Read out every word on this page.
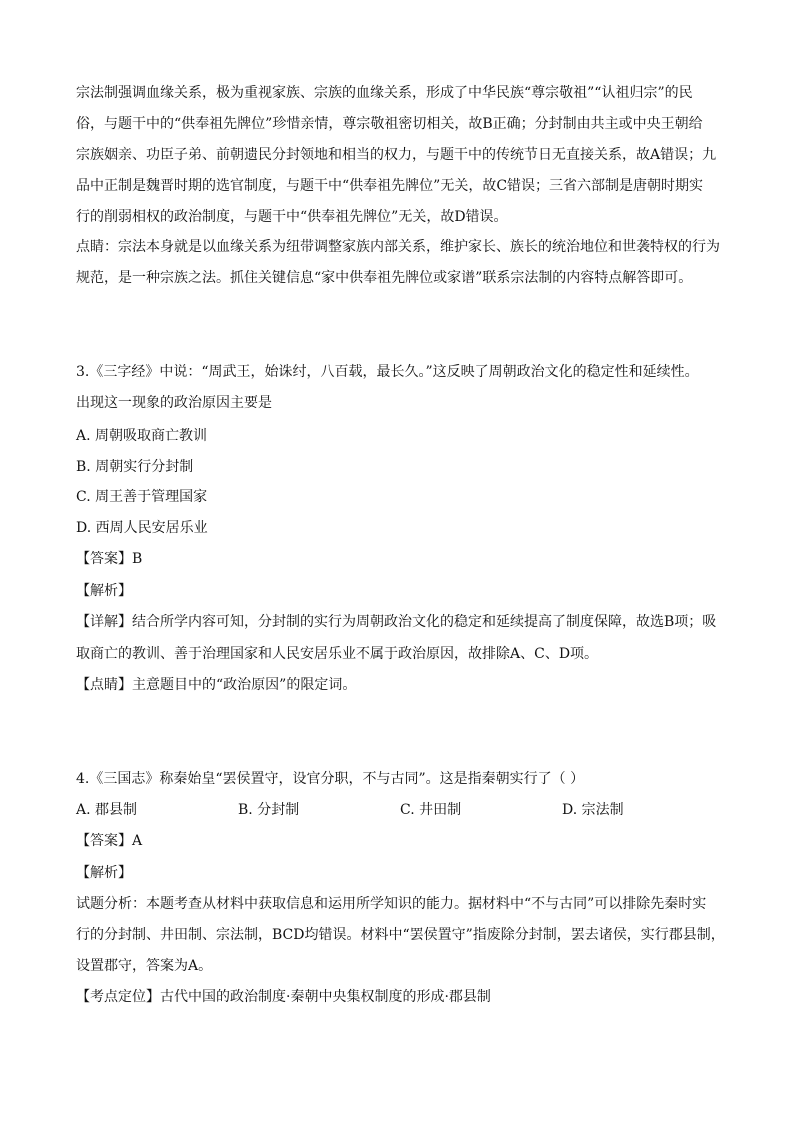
宗法制强调血缘关系，极为重视家族、宗族的血缘关系，形成了中华民族“尊宗敬祖”“认祖归宗”的民
俗，与题干中的“供奉祖先牌位”珍惜亲情，尊宗敬祖密切相关，故B正确；分封制由共主或中央王朝给
宗族姻亲、功臣子弟、前朝遗民分封领地和相当的权力，与题干中的传统节日无直接关系，故A错误；九
品中正制是魏晋时期的选官制度，与题干中“供奉祖先牌位”无关，故C错误；三省六部制是唐朝时期实
行的削弱相权的政治制度，与题干中“供奉祖先牌位”无关，故D错误。
点睛：宗法本身就是以血缘关系为纽带调整家族内部关系，维护家长、族长的统治地位和世袭特权的行为
规范，是一种宗族之法。抓住关键信息“家中供奉祖先牌位或家谱”联系宗法制的内容特点解答即可。
3.《三字经》中说：“周武王，始诛纣，八百载，最长久。”这反映了周朝政治文化的稳定性和延续性。
出现这一现象的政治原因主要是
A. 周朝吸取商亡教训
B. 周朝实行分封制
C. 周王善于管理国家
D. 西周人民安居乐业
【答案】B
【解析】
【详解】结合所学内容可知，分封制的实行为周朝政治文化的稳定和延续提高了制度保障，故选B项；吸
取商亡的教训、善于治理国家和人民安居乐业不属于政治原因，故排除A、C、D项。
【点睛】主意题目中的“政治原因”的限定词。
4.《三国志》称秦始皇“罢侯置守，设官分职，不与古同”。这是指秦朝实行了（ ）
A. 郡县制	B. 分封制	C. 井田制	D. 宗法制
【答案】A
【解析】
试题分析：本题考查从材料中获取信息和运用所学知识的能力。据材料中“不与古同”可以排除先秦时实
行的分封制、井田制、宗法制，BCD均错误。材料中“罢侯置守”指废除分封制，罢去诸侯，实行郡县制，
设置郡守，答案为A。
【考点定位】古代中国的政治制度·秦朝中央集权制度的形成·郡县制
